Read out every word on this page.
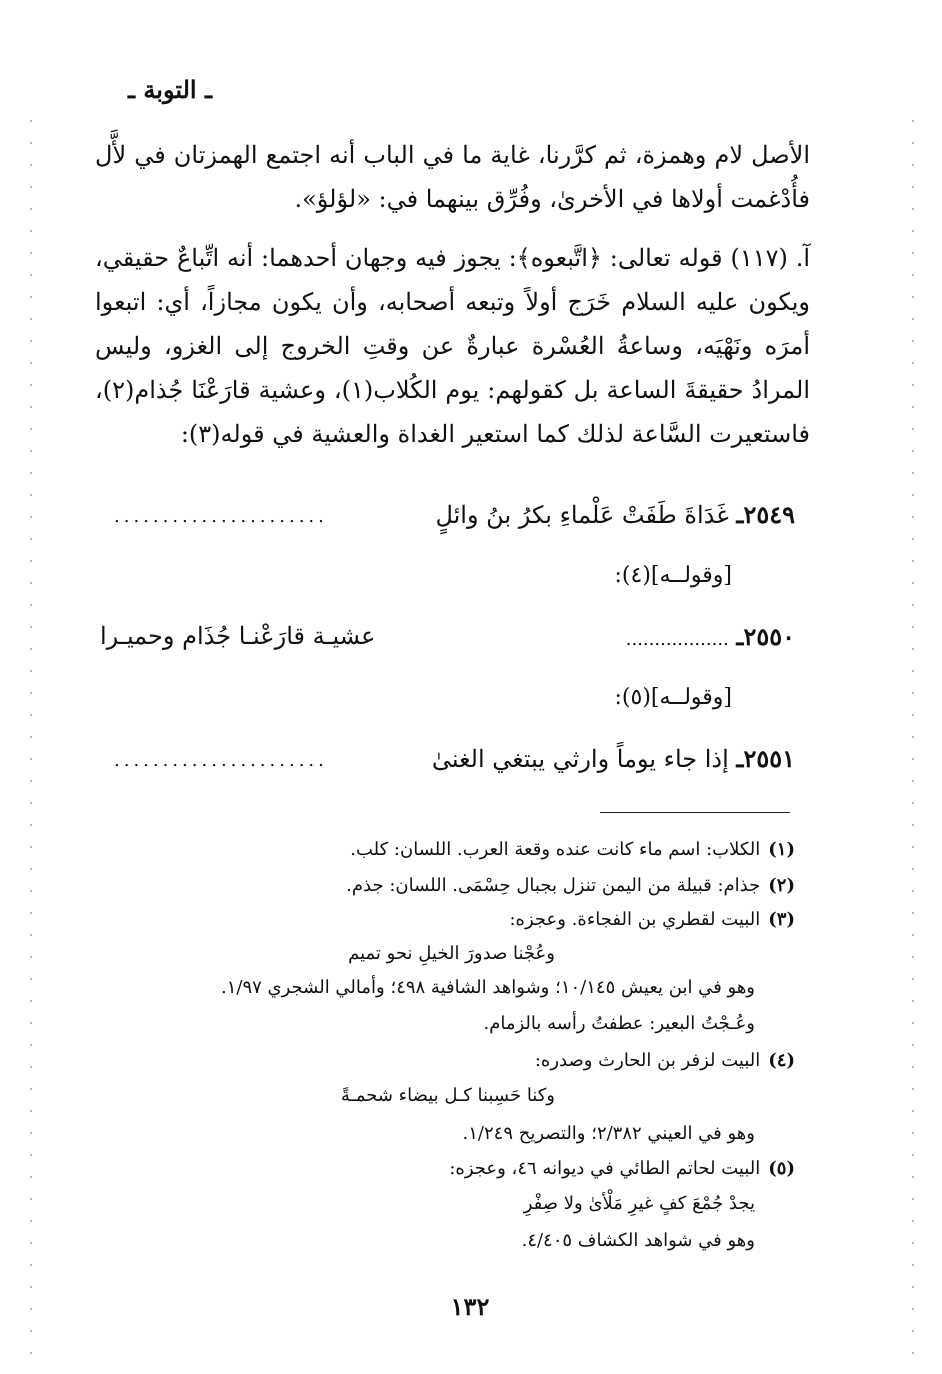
ـ التوبة ـ
الأصل لام وهمزة، ثم كرَّرنا، غاية ما في الباب أنه اجتمع الهمزتان في لأَّل فأُدْغمت أولاها في الأخرىٰ، وفُرِّق بينهما في: «لؤلؤ».
آ. (١١٧) قوله تعالى: ﴿اتَّبعوه﴾: يجوز فيه وجهان أحدهما: أنه اتِّباعٌ حقيقي، ويكون عليه السلام خَرَج أولاً وتبعه أصحابه، وأن يكون مجازاً، أي: اتبعوا أمرَه ونَهْيَه، وساعةُ العُسْرة عبارةٌ عن وقتِ الخروج إلى الغزو، وليس المرادُ حقيقةَ الساعة بل كقولهم: يوم الكُلاب(١)، وعشية قارَعْنَا جُذام(٢)، فاستعيرت السَّاعة لذلك كما استعير الغداة والعشية في قوله(٣):
٢٥٤٩ـ غَدَاةَ طَفَتْ عَلْماءِ بكرُ بنُ وائلٍ
......................
[وقولــه](٤):
٢٥٥٠ـ ..................
عشيـة قارَعْنـا جُذَام وحميـرا
[وقولــه](٥):
٢٥٥١ـ إذا جاء يوماً وارثي يبتغي الغنىٰ
......................
(١)الكلاب: اسم ماء كانت عنده وقعة العرب. اللسان: كلب.
(٢)جذام: قبيلة من اليمن تنزل بجبال حِسْمَى. اللسان: جذم.
(٣)البيت لقطري بن الفجاءة. وعجزه:
وعُجْنا صدورَ الخيلِ نحو تميم
وهو في ابن يعيش ١٠/١٤٥؛ وشواهد الشافية ٤٩٨؛ وأمالي الشجري ١/٩٧.
وعُـجْتُ البعير: عطفتُ رأسه بالزمام.
(٤)البيت لزفر بن الحارث وصدره:
وكنا حَسِبنا كـل بيضاء شحمـةً
وهو في العيني ٢/٣٨٢؛ والتصريح ١/٢٤٩.
(٥)البيت لحاتم الطائي في ديوانه ٤٦، وعجزه:
يجدْ جُمْعَ كفٍ غيرِ مَلْأىٰ ولا صِفْرِ
وهو في شواهد الكشاف ٤/٤٠٥.
١٣٢
